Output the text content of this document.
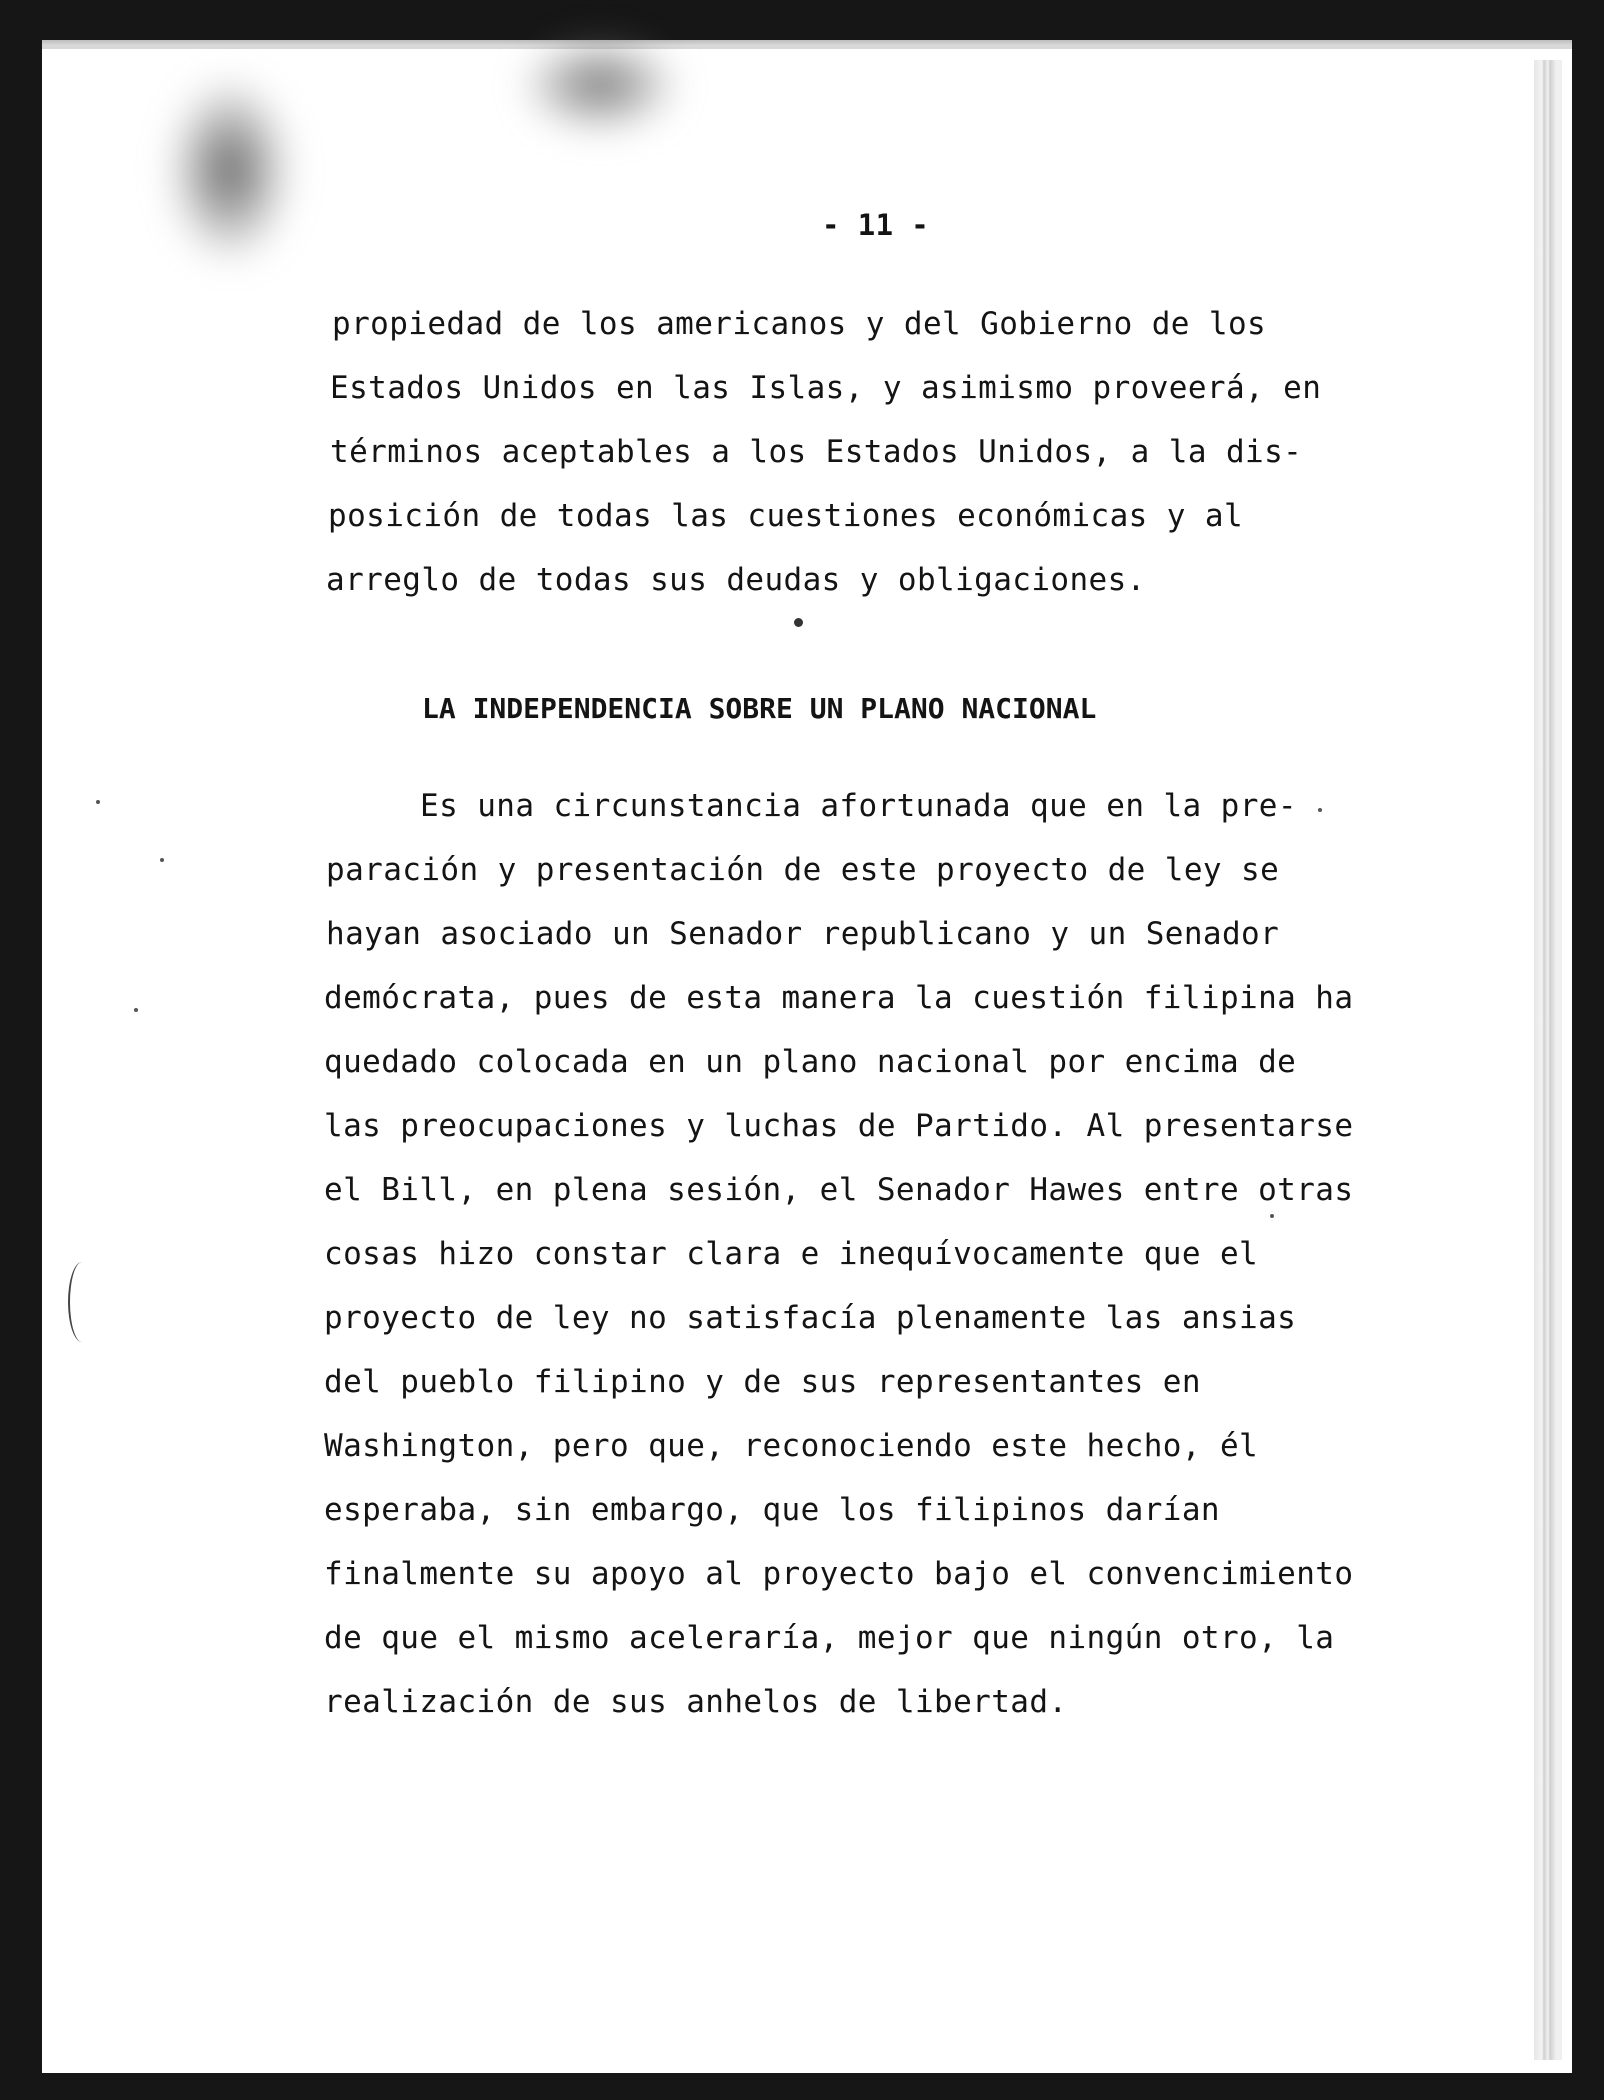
- 11 -
propiedad de los americanos y del Gobierno de los
Estados Unidos en las Islas, y asimismo proveerá, en
términos aceptables a los Estados Unidos, a la dis-
posición de todas las cuestiones económicas y al
arreglo de todas sus deudas y obligaciones.
LA INDEPENDENCIA SOBRE UN PLANO NACIONAL
Es una circunstancia afortunada que en la pre-
paración y presentación de este proyecto de ley se
hayan asociado un Senador republicano y un Senador
demócrata, pues de esta manera la cuestión filipina ha
quedado colocada en un plano nacional por encima de
las preocupaciones y luchas de Partido. Al presentarse
el Bill, en plena sesión, el Senador Hawes entre otras
cosas hizo constar clara e inequívocamente que el
proyecto de ley no satisfacía plenamente las ansias
del pueblo filipino y de sus representantes en
Washington, pero que, reconociendo este hecho, él
esperaba, sin embargo, que los filipinos darían
finalmente su apoyo al proyecto bajo el convencimiento
de que el mismo aceleraría, mejor que ningún otro, la
realización de sus anhelos de libertad.
